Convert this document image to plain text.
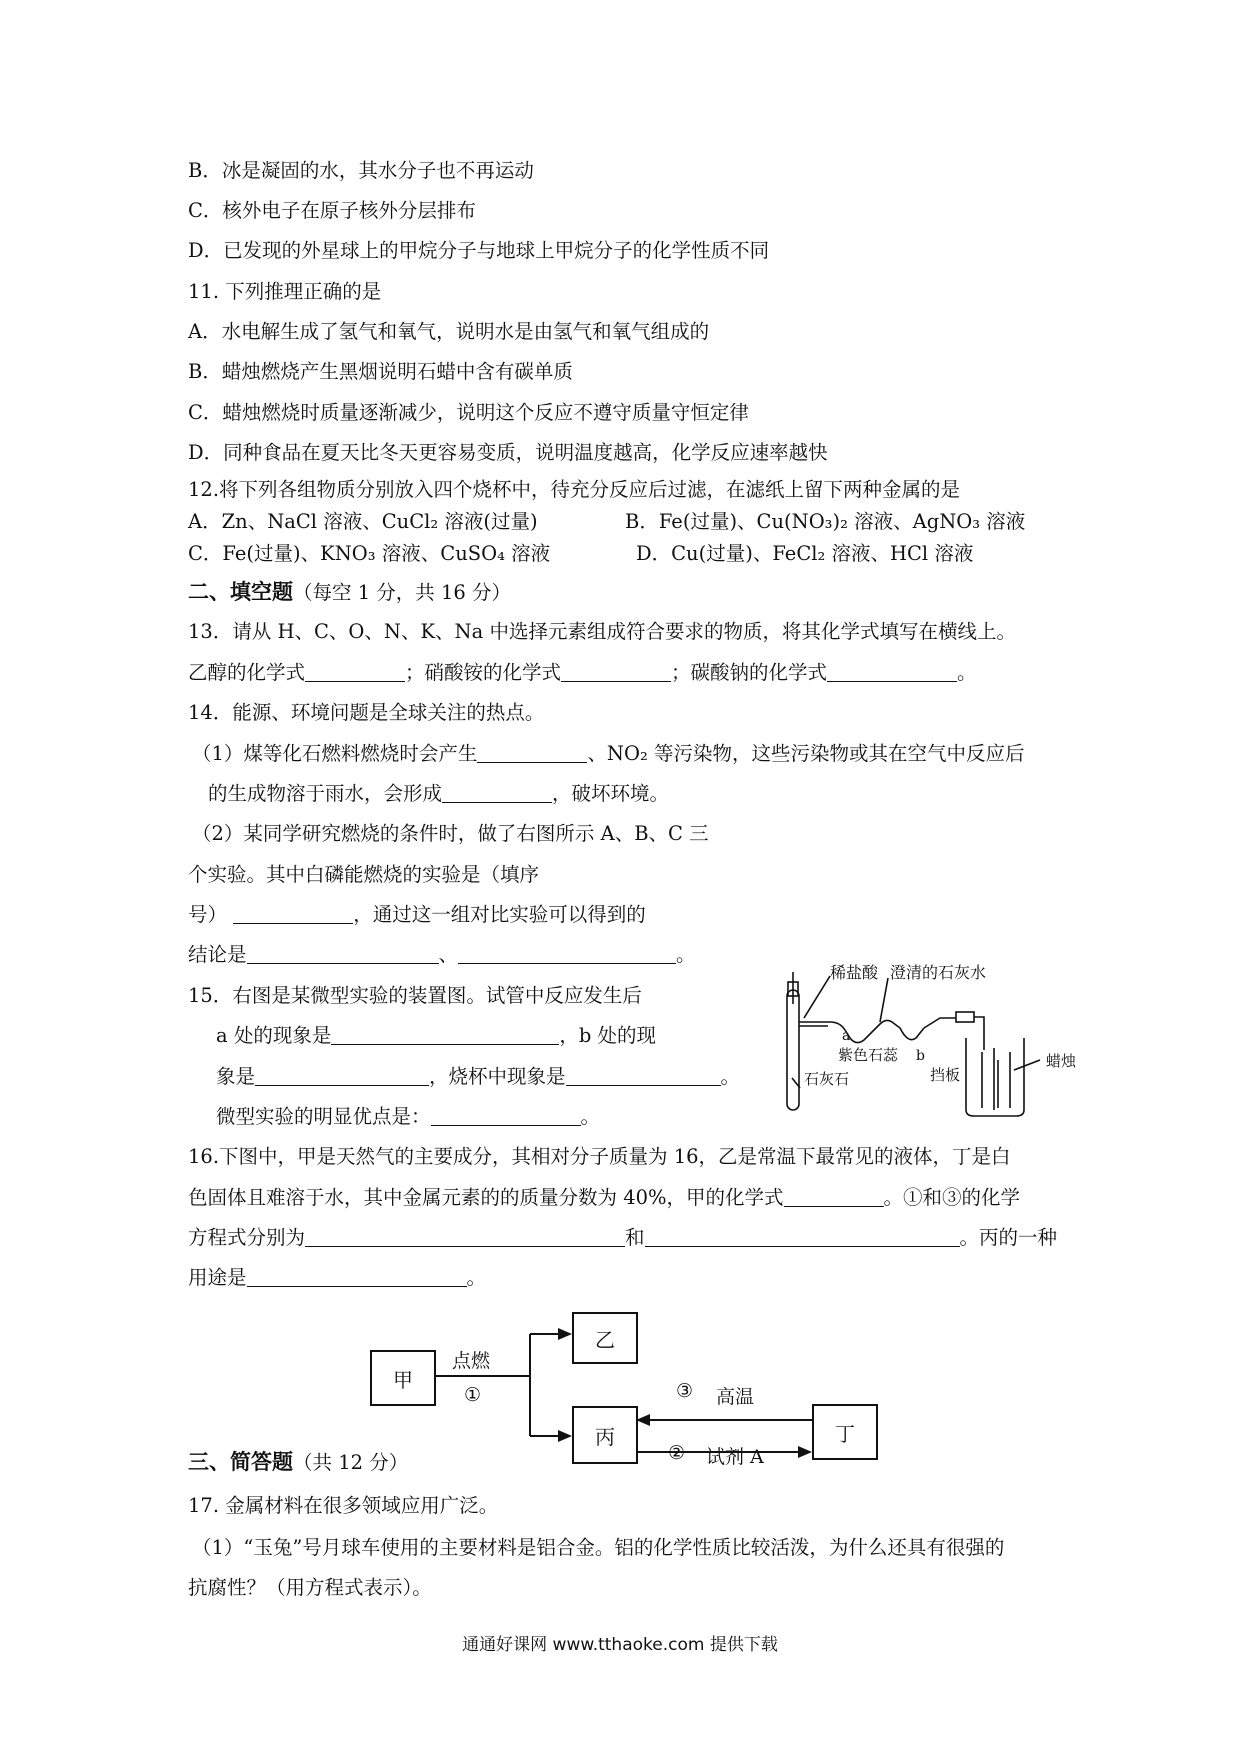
B．冰是凝固的水，其水分子也不再运动
C．核外电子在原子核外分层排布
D．已发现的外星球上的甲烷分子与地球上甲烷分子的化学性质不同
11. 下列推理正确的是
A．水电解生成了氢气和氧气，说明水是由氢气和氧气组成的
B．蜡烛燃烧产生黑烟说明石蜡中含有碳单质
C．蜡烛燃烧时质量逐渐减少，说明这个反应不遵守质量守恒定律
D．同种食品在夏天比冬天更容易变质，说明温度越高，化学反应速率越快
12.将下列各组物质分别放入四个烧杯中，待充分反应后过滤，在滤纸上留下两种金属的是
A．Zn、NaCl 溶液、CuCl₂ 溶液(过量)	B．Fe(过量)、Cu(NO₃)₂ 溶液、AgNO₃ 溶液
C．Fe(过量)、KNO₃ 溶液、CuSO₄ 溶液	D．Cu(过量)、FeCl₂ 溶液、HCl 溶液
二、填空题（每空 1 分，共 16 分）
13．请从 H、C、O、N、K、Na 中选择元素组成符合要求的物质，将其化学式填写在横线上。
乙醇的化学式	；硝酸铵的化学式	；碳酸钠的化学式	。
14．能源、环境问题是全球关注的热点。
（1）煤等化石燃料燃烧时会产生	、NO₂ 等污染物，这些污染物或其在空气中反应后
的生成物溶于雨水，会形成	，破坏环境。
（2）某同学研究燃烧的条件时，做了右图所示 A、B、C 三
个实验。其中白磷能燃烧的实验是（填序
号）	，通过这一组对比实验可以得到的
结论是	、	。
15．右图是某微型实验的装置图。试管中反应发生后
a 处的现象是	，b 处的现
象是	，烧杯中现象是	。
微型实验的明显优点是：	。
稀盐酸 澄清的石灰水
a
紫色石蕊 b
石灰石	挡板
蜡烛
16.下图中，甲是天然气的主要成分，其相对分子质量为 16，乙是常温下最常见的液体，丁是白
色固体且难溶于水，其中金属元素的的质量分数为 40%，甲的化学式	。①和③的化学
方程式分别为	和	。丙的一种
用途是	。
甲
乙
丙	丁
点燃
①	③ 高温
② 试剂 A
三、简答题（共 12 分）
17. 金属材料在很多领域应用广泛。
（1）“玉兔”号月球车使用的主要材料是铝合金。铝的化学性质比较活泼，为什么还具有很强的
抗腐性？（用方程式表示）。
通通好课网 www.tthaoke.com 提供下载
